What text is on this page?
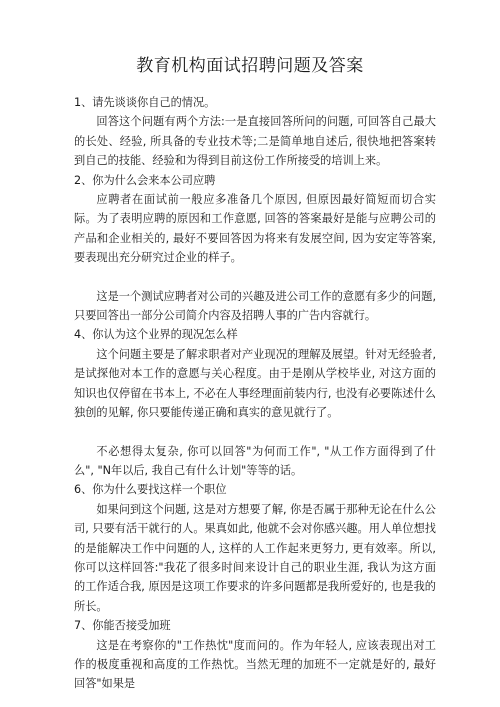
教育机构面试招聘问题及答案

1、请先谈谈你自己的情况。

回答这个问题有两个方法:一是直接回答所问的问题, 可回答自己最大的长处、经验, 所具备的专业技术等;二是简单地自述后, 很快地把答案转到自己的技能、经验和为得到目前这份工作所接受的培训上来。

2、你为什么会来本公司应聘

应聘者在面试前一般应多准备几个原因, 但原因最好简短而切合实际。为了表明应聘的原因和工作意愿, 回答的答案最好是能与应聘公司的产品和企业相关的, 最好不要回答因为将来有发展空间, 因为安定等答案, 要表现出充分研究过企业的样子。

这是一个测试应聘者对公司的兴趣及进公司工作的意愿有多少的问题, 只要回答出一部分公司简介内容及招聘人事的广告内容就行。

4、你认为这个业界的现况怎么样

这个问题主要是了解求职者对产业现况的理解及展望。针对无经验者, 是试探他对本工作的意愿与关心程度。由于是刚从学校毕业, 对这方面的知识也仅停留在书本上, 不必在人事经理面前装内行, 也没有必要陈述什么独创的见解, 你只要能传递正确和真实的意见就行了。

不必想得太复杂, 你可以回答"为何而工作", "从工作方面得到了什么", "N年以后, 我自己有什么计划"等等的话。

6、你为什么要找这样一个职位

如果问到这个问题, 这是对方想要了解, 你是否属于那种无论在什么公司, 只要有活干就行的人。果真如此, 他就不会对你感兴趣。用人单位想找的是能解决工作中问题的人, 这样的人工作起来更努力, 更有效率。所以, 你可以这样回答:"我花了很多时间来设计自己的职业生涯, 我认为这方面的工作适合我, 原因是这项工作要求的许多问题都是我所爱好的, 也是我的所长。

7、你能否接受加班

这是在考察你的"工作热忱"度而问的。作为年轻人, 应该表现出对工作的极度重视和高度的工作热忱。当然无理的加班不一定就是好的, 最好回答"如果是
